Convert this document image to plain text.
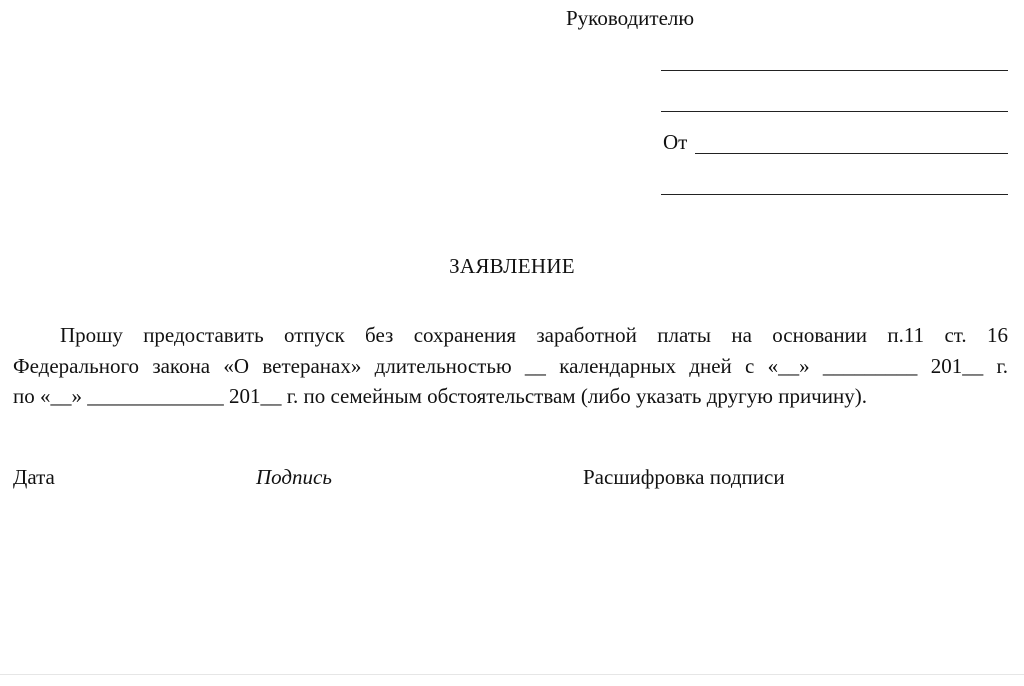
Руководителю
От
ЗАЯВЛЕНИЕ
Прошу предоставить отпуск без сохранения заработной платы на основании п.11 ст. 16
Федерального закона «О ветеранах» длительностью __ календарных дней с «__» _________ 201__ г.
по «__» _____________ 201__ г. по семейным обстоятельствам (либо указать другую причину).
Дата	Подпись	Расшифровка подписи
